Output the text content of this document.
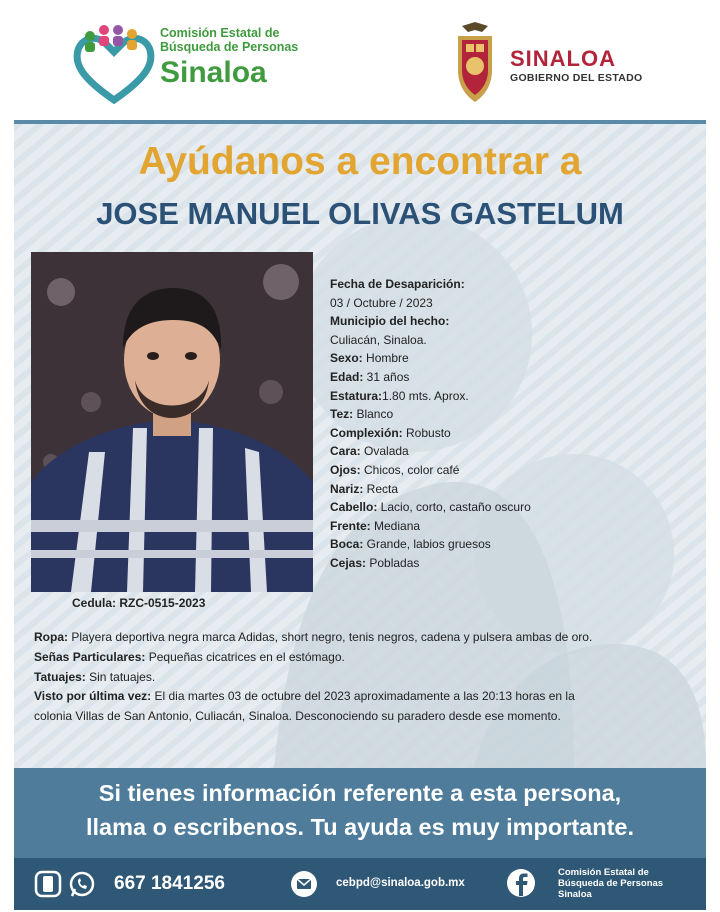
Comisión Estatal de
Búsqueda de Personas
Sinaloa	SINALOA
GOBIERNO DEL ESTADO
Ayúdanos a encontrar a
JOSE MANUEL OLIVAS GASTELUM
Cedula: RZC-0515-2023
Fecha de Desaparición:
03 / Octubre / 2023
Municipio del hecho:
Culiacán, Sinaloa.
Sexo: Hombre
Edad: 31 años
Estatura:1.80 mts. Aprox.
Tez: Blanco
Complexión: Robusto
Cara: Ovalada
Ojos: Chicos, color café
Nariz: Recta
Cabello: Lacio, corto, castaño oscuro
Frente: Mediana
Boca: Grande, labios gruesos
Cejas: Pobladas
Ropa: Playera deportiva negra marca Adidas, short negro, tenis negros, cadena y pulsera ambas de oro.
Señas Particulares: Pequeñas cicatrices en el estómago.
Tatuajes: Sin tatuajes.
Visto por última vez: El dia martes 03 de octubre del 2023 aproximadamente a las 20:13 horas en la
colonia Villas de San Antonio, Culiacán, Sinaloa. Desconociendo su paradero desde ese momento.
Si tienes información referente a esta persona,
llama o escribenos. Tu ayuda es muy importante.
667 1841256	cebpd@sinaloa.gob.mx
Comisión Estatal de
Búsqueda de Personas
Sinaloa
